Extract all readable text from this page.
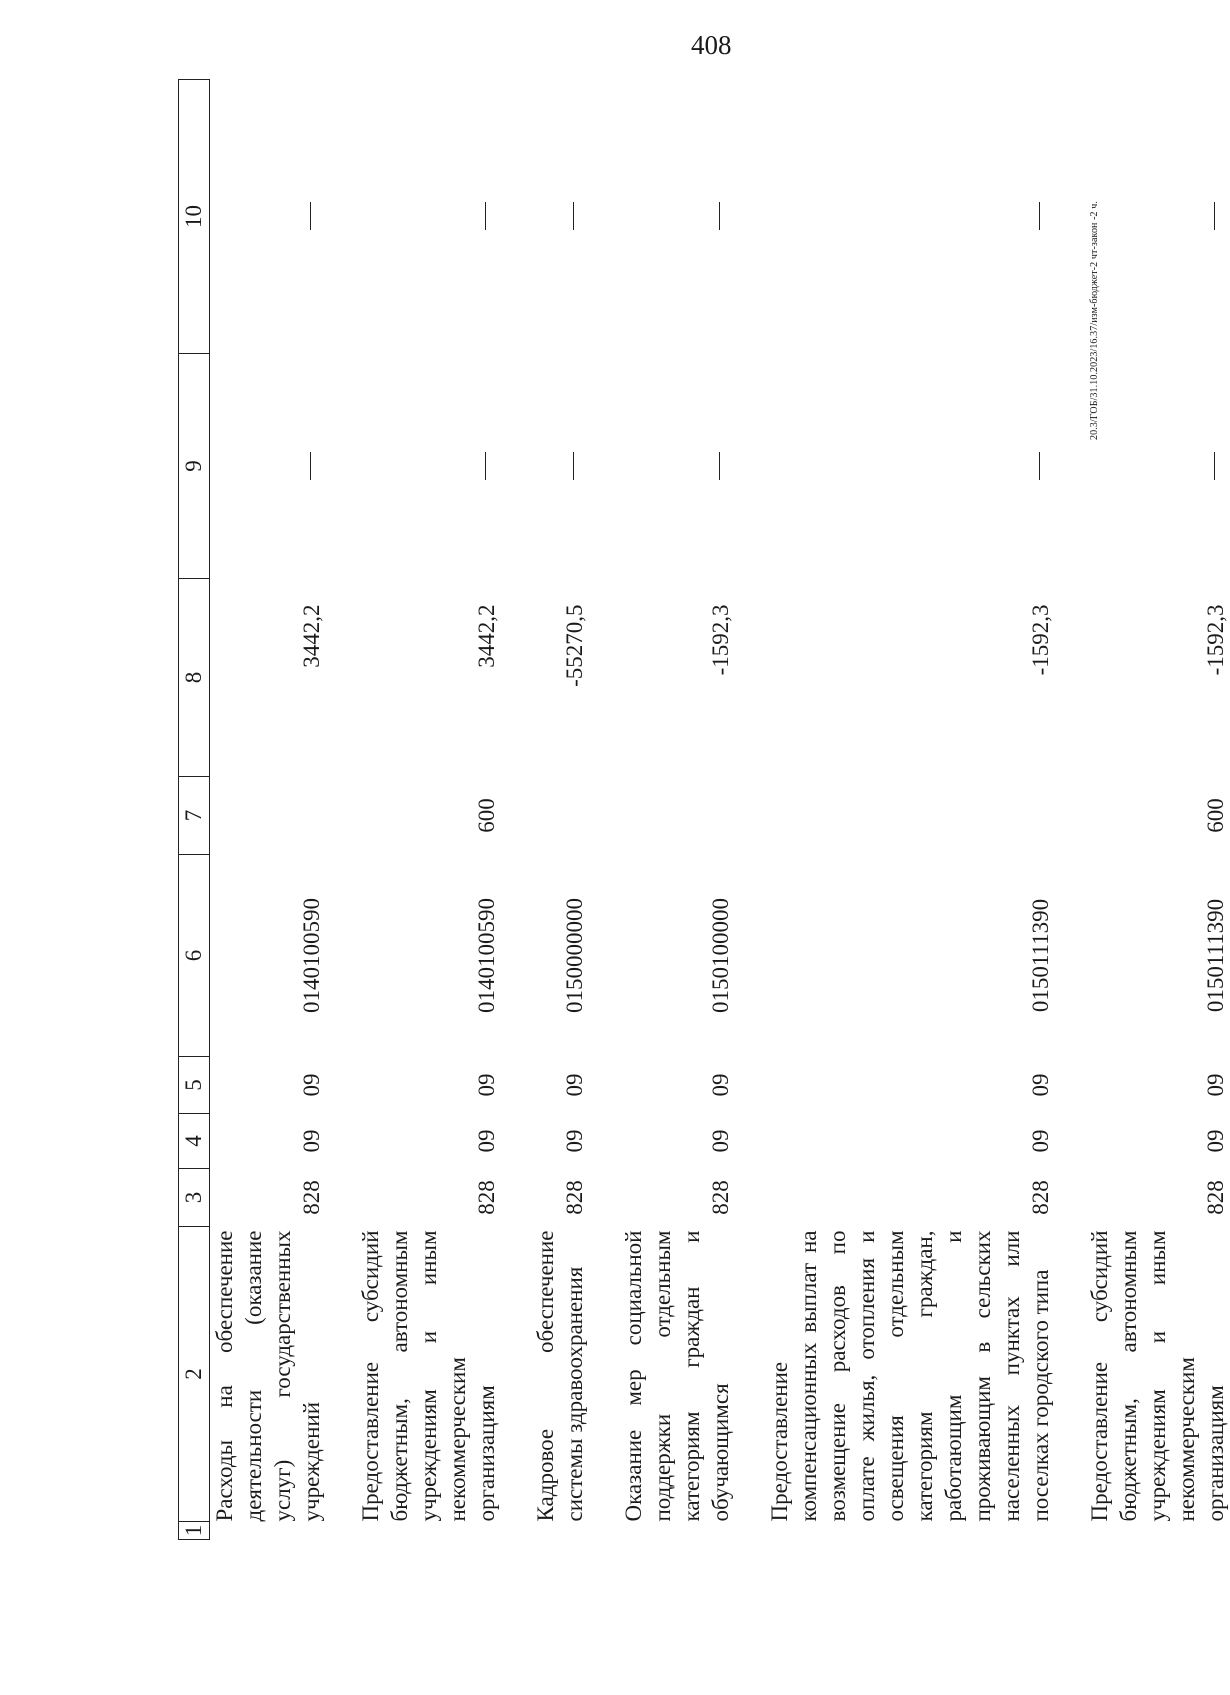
408
20.3/ГОБ/31.10.2023/16.37/изм-бюджет-2 чт-закон -2 ч.
1	2	3	4	5	6	7	8	9	10
	Расходы на обеспечение деятельности (оказание услуг) государственных учреждений	828	09	09	0140100590		3442,2		

	Предоставление субсидий бюджетным, автономным учреждениям и иным некоммерческим организациям	828	09	09	0140100590	600	3442,2		

	Кадровое обеспечение системы здравоохранения	828	09	09	0150000000		-55270,5		

	Оказание мер социальной поддержки отдельным категориям граждан и обучающимся	828	09	09	0150100000		-1592,3		

	Предоставление компенсационных выплат на возмещение расходов по оплате жилья, отопления и освещения отдельным категориям граждан, работающим и проживающим в сельских населенных пунктах или поселках городского типа	828	09	09	0150111390		-1592,3		

	Предоставление субсидий бюджетным, автономным учреждениям и иным некоммерческим организациям	828	09	09	0150111390	600	-1592,3		
